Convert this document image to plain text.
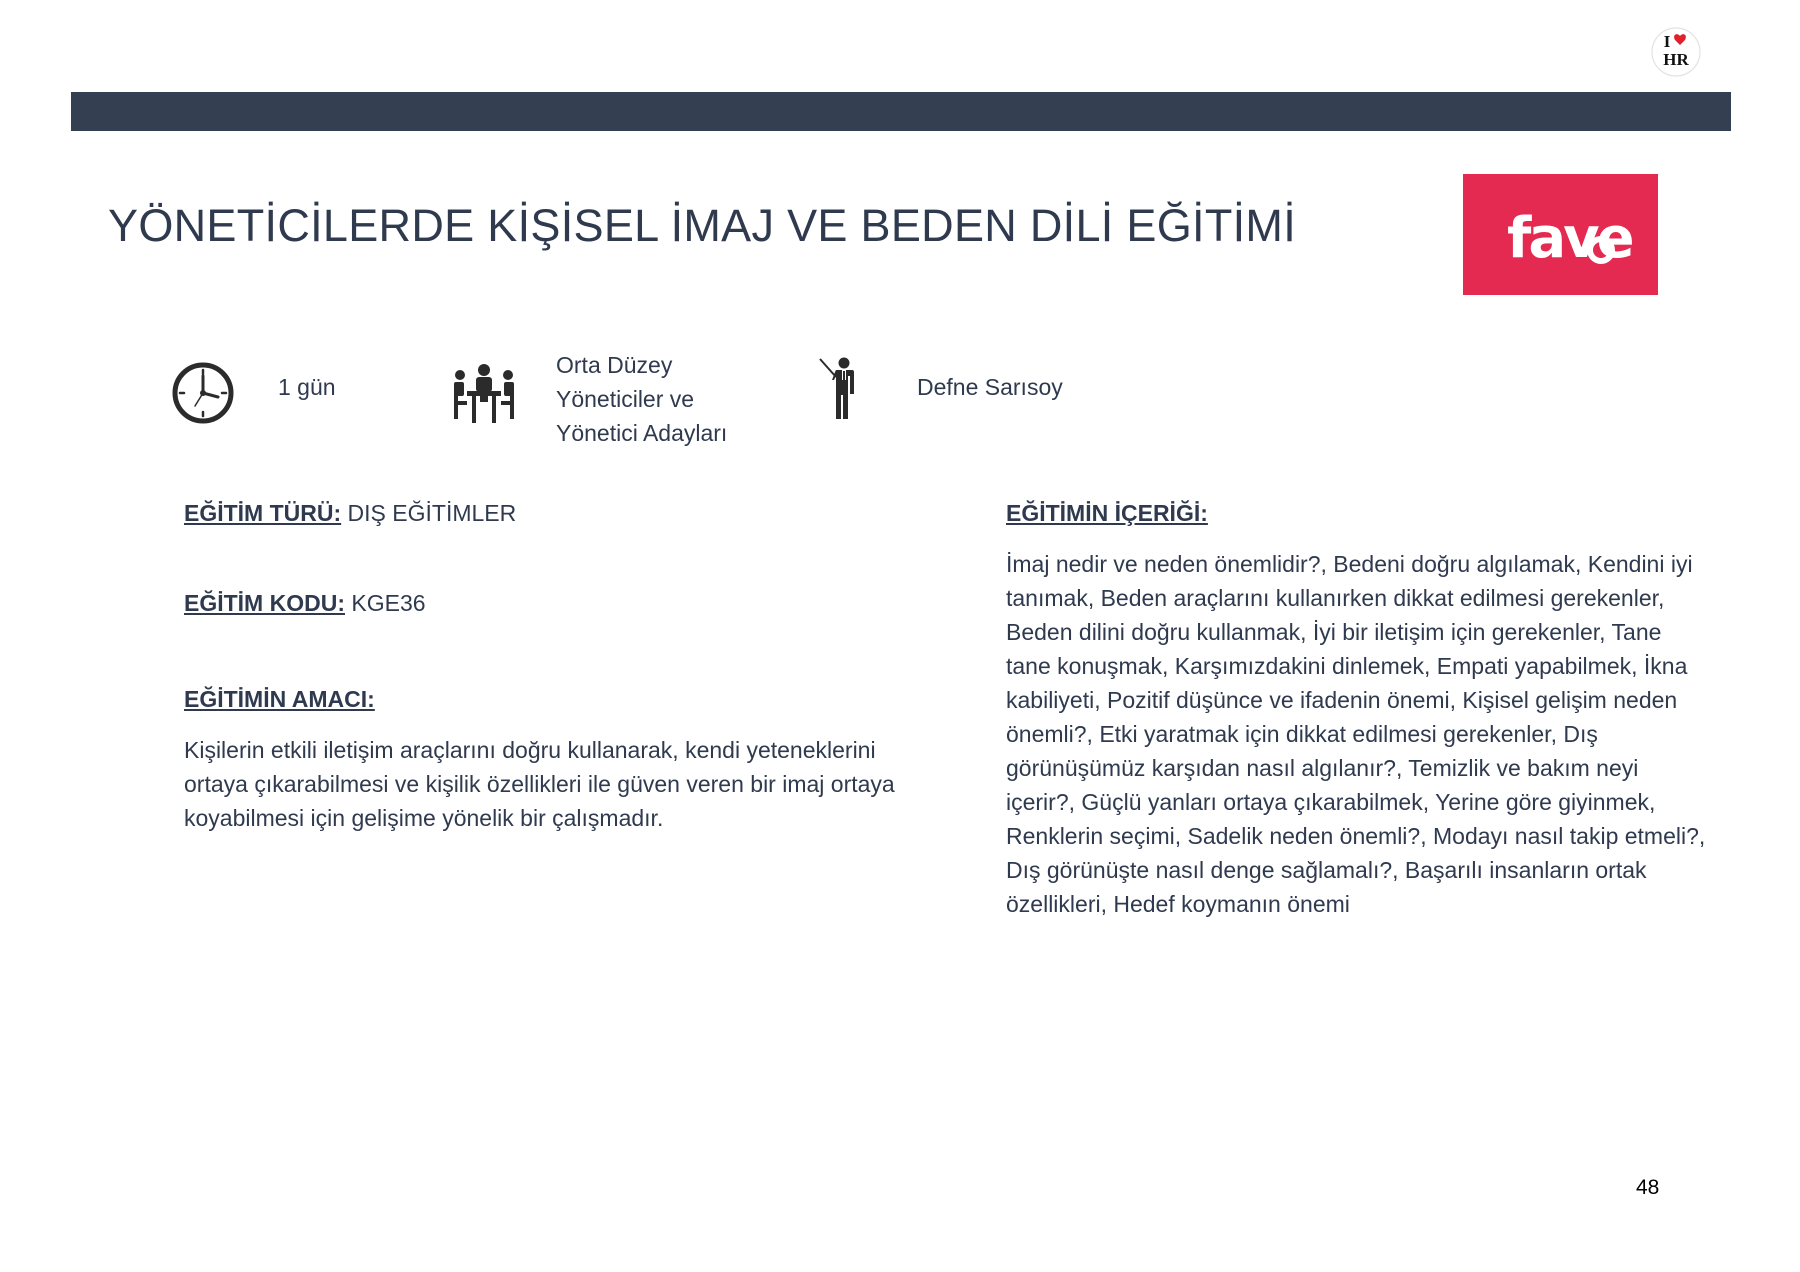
I
HR
YÖNETİCİLERDE KİŞİSEL İMAJ VE BEDEN DİLİ EĞİTİMİ	fave
1 gün
Orta Düzey
Yöneticiler ve
Yönetici Adayları
Defne Sarısoy
EĞİTİM TÜRÜ: DIŞ EĞİTİMLER
EĞİTİM KODU: KGE36
EĞİTİMİN AMACI:
Kişilerin etkili iletişim araçlarını doğru kullanarak, kendi yeteneklerini ortaya çıkarabilmesi ve kişilik özellikleri ile güven veren bir imaj ortaya koyabilmesi için gelişime yönelik bir çalışmadır.
EĞİTİMİN İÇERİĞİ:
İmaj nedir ve neden önemlidir?, Bedeni doğru algılamak, Kendini iyi tanımak, Beden araçlarını kullanırken dikkat edilmesi gerekenler, Beden dilini doğru kullanmak, İyi bir iletişim için gerekenler, Tane tane konuşmak, Karşımızdakini dinlemek, Empati yapabilmek, İkna kabiliyeti, Pozitif düşünce ve ifadenin önemi, Kişisel gelişim neden önemli?, Etki yaratmak için dikkat edilmesi gerekenler, Dış görünüşümüz karşıdan nasıl algılanır?, Temizlik ve bakım neyi içerir?, Güçlü yanları ortaya çıkarabilmek, Yerine göre giyinmek, Renklerin seçimi, Sadelik neden önemli?, Modayı nasıl takip etmeli?, Dış görünüşte nasıl denge sağlamalı?, Başarılı insanların ortak özellikleri, Hedef koymanın önemi
48
